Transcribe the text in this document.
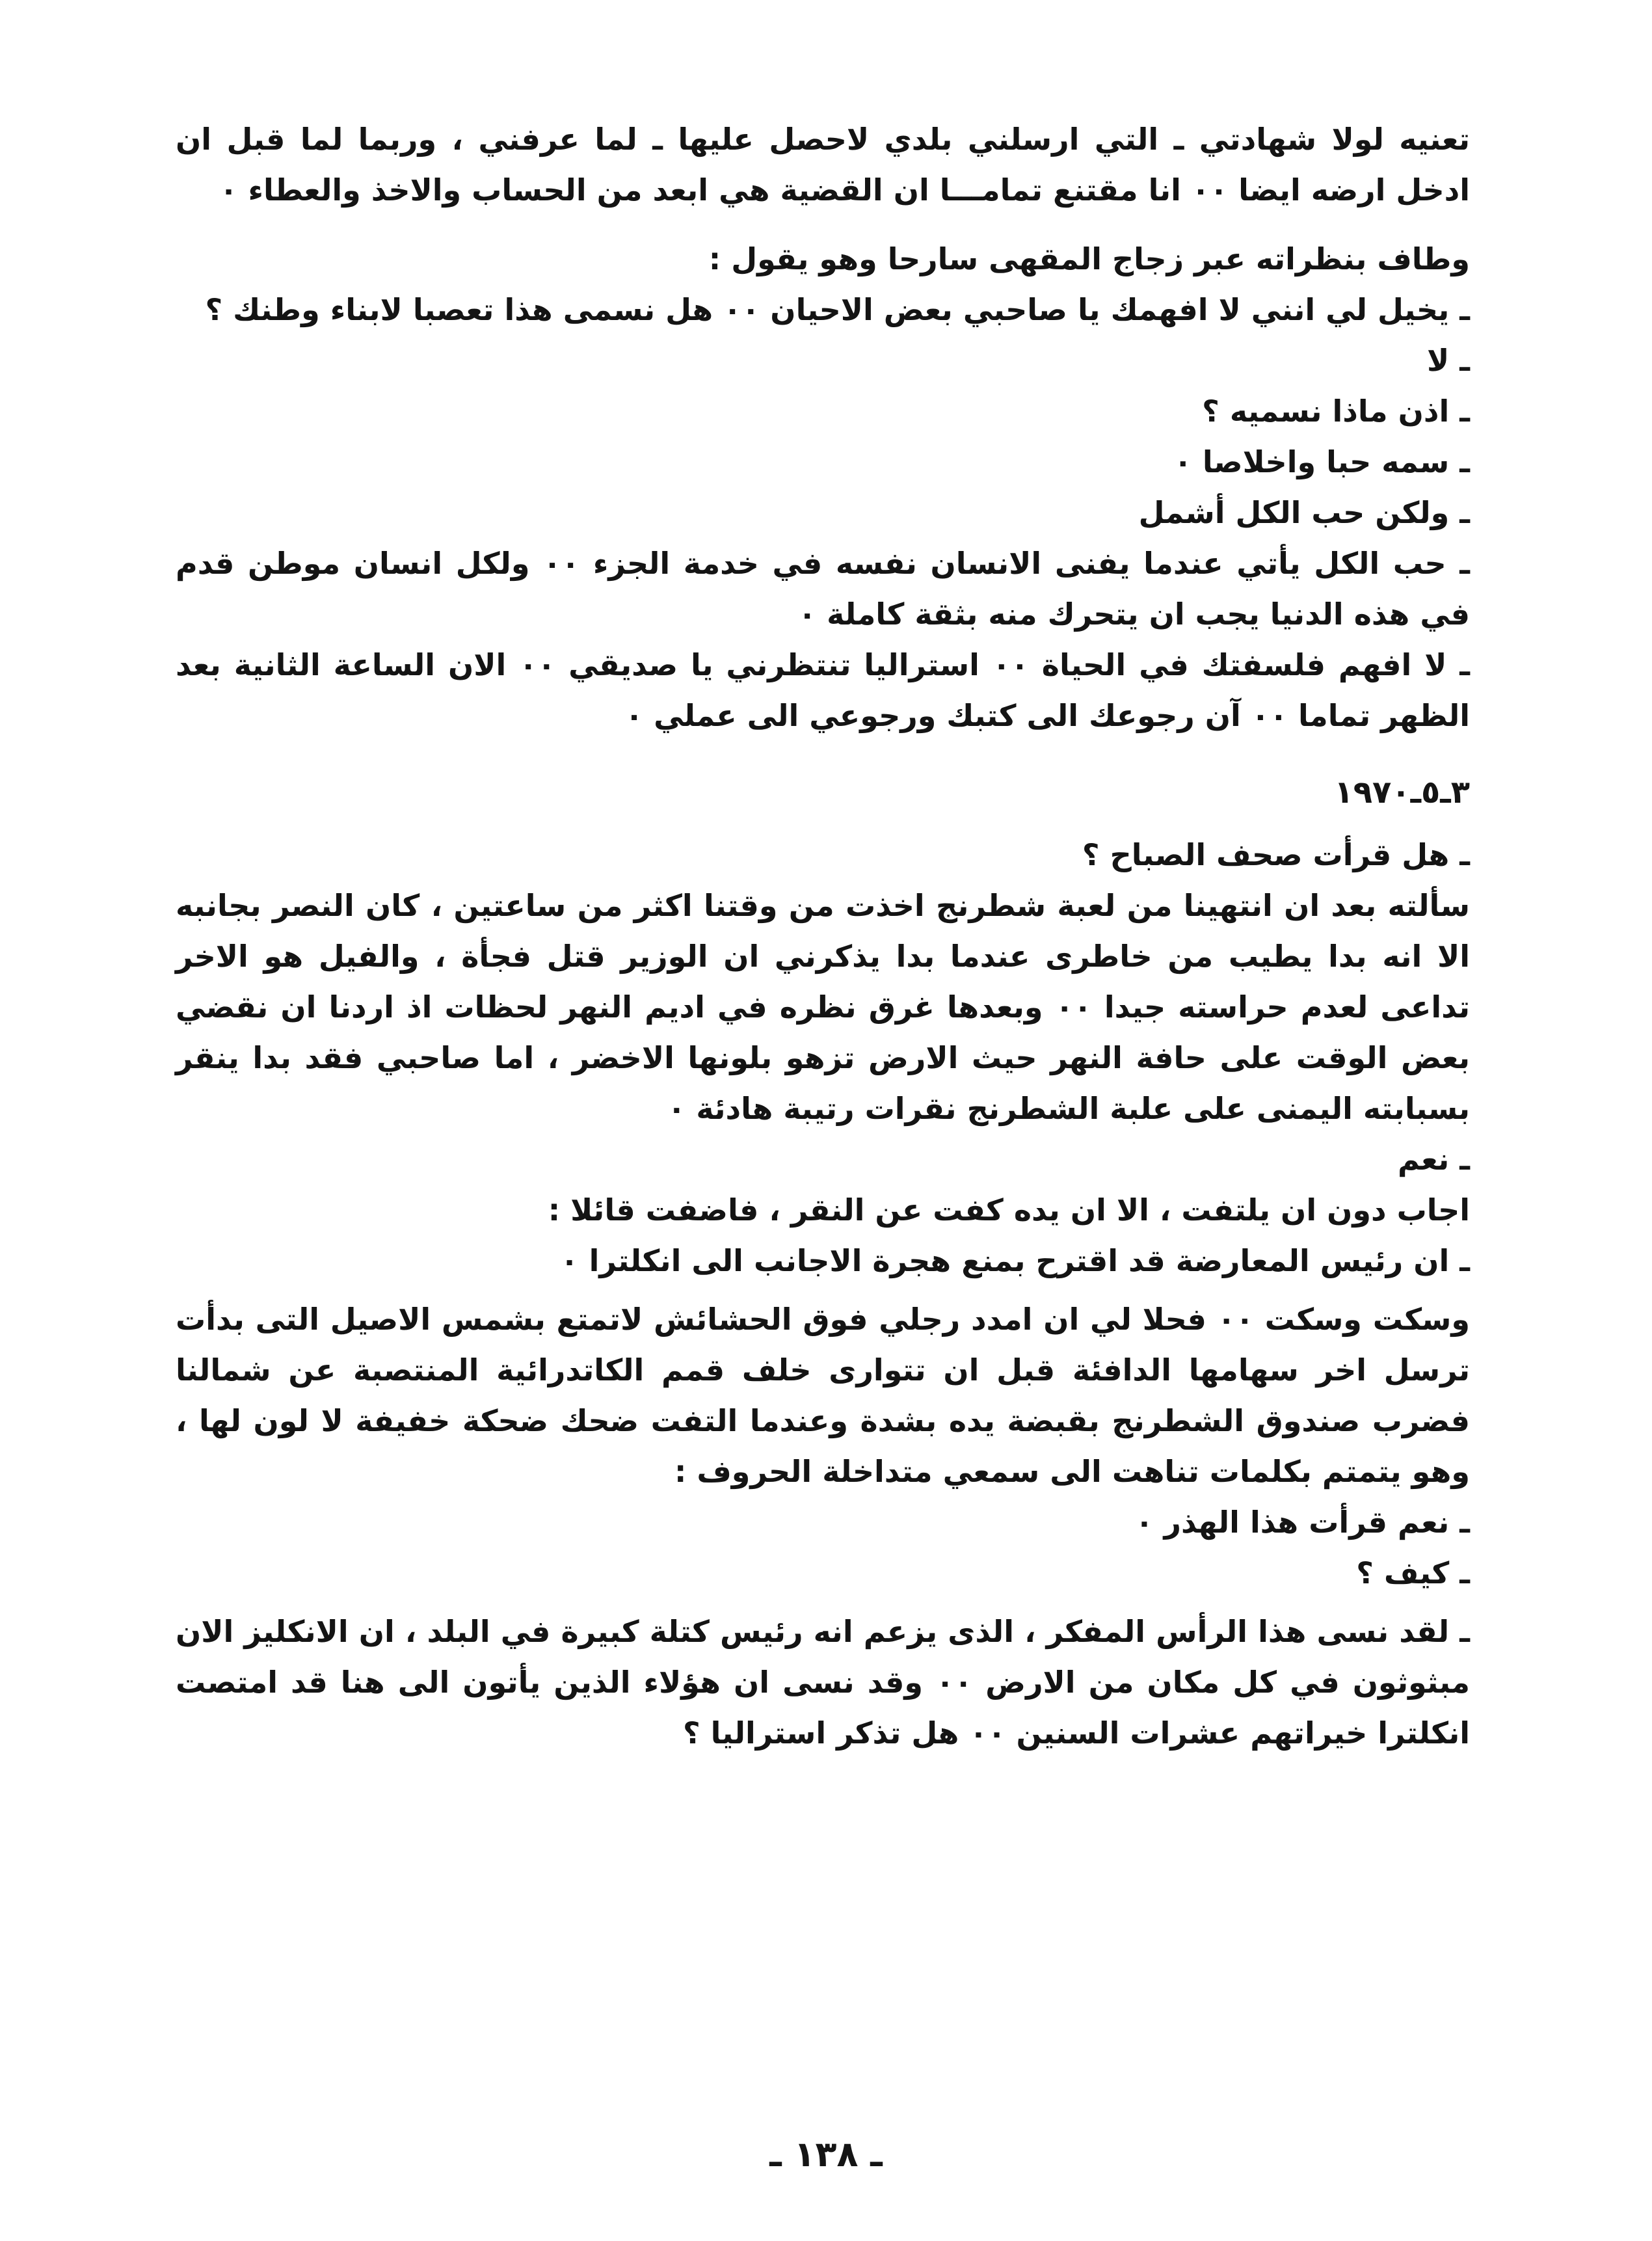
تعنيه لولا شهادتي ـ التي ارسلني بلدي لاحصل عليها ـ لما عرفني ، وربما لما قبل ان ادخل ارضه ايضا ٠٠ انا مقتنع تمامـــا ان القضية هي ابعد من الحساب والاخذ والعطاء ٠

وطاف بنظراته عبر زجاج المقهى سارحا وهو يقول :

ـ يخيل لي انني لا افهمك يا صاحبي بعض الاحيان ٠٠ هل نسمى هذا تعصبا لابناء وطنك ؟

ـ لا

ـ اذن ماذا نسميه ؟

ـ سمه حبا واخلاصا ٠

ـ ولكن حب الكل أشمل

ـ حب الكل يأتي عندما يفنى الانسان نفسه في خدمة الجزء ٠٠ ولكل انسان موطن قدم في هذه الدنيا يجب ان يتحرك منه بثقة كاملة ٠

ـ لا افهم فلسفتك في الحياة ٠٠ استراليا تنتظرني يا صديقي ٠٠ الان الساعة الثانية بعد الظهر تماما ٠٠ آن رجوعك الى كتبك ورجوعي الى عملي ٠

٣ـ٥ـ١٩٧٠

ـ هل قرأت صحف الصباح ؟

سألته بعد ان انتهينا من لعبة شطرنج اخذت من وقتنا اكثر من ساعتين ، كان النصر بجانبه الا انه بدا يطيب من خاطرى عندما بدا يذكرني ان الوزير قتل فجأة ، والفيل هو الاخر تداعى لعدم حراسته جيدا ٠٠ وبعدها غرق نظره في اديم النهر لحظات اذ اردنا ان نقضي بعض الوقت على حافة النهر حيث الارض تزهو بلونها الاخضر ، اما صاحبي فقد بدا ينقر بسبابته اليمنى على علبة الشطرنج نقرات رتيبة هادئة ٠

ـ نعم

اجاب دون ان يلتفت ، الا ان يده كفت عن النقر ، فاضفت قائلا :

ـ ان رئيس المعارضة قد اقترح بمنع هجرة الاجانب الى انكلترا ٠

وسكت وسكت ٠٠ فحلا لي ان امدد رجلي فوق الحشائش لاتمتع بشمس الاصيل التى بدأت ترسل اخر سهامها الدافئة قبل ان تتوارى خلف قمم الكاتدرائية المنتصبة عن شمالنا فضرب صندوق الشطرنج بقبضة يده بشدة وعندما التفت ضحك ضحكة خفيفة لا لون لها ، وهو يتمتم بكلمات تناهت الى سمعي متداخلة الحروف :

ـ نعم قرأت هذا الهذر ٠

ـ كيف ؟

ـ لقد نسى هذا الرأس المفكر ، الذى يزعم انه رئيس كتلة كبيرة في البلد ، ان الانكليز الان مبثوثون في كل مكان من الارض ٠٠ وقد نسى ان هؤلاء الذين يأتون الى هنا قد امتصت انكلترا خيراتهم عشرات السنين ٠٠ هل تذكر استراليا ؟

ـ ١٣٨ ـ
